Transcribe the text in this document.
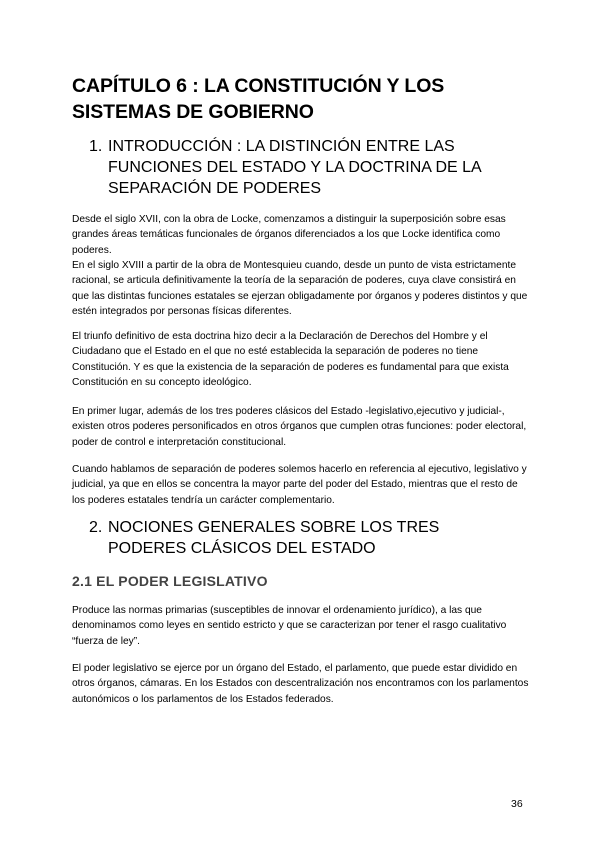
CAPÍTULO 6 : LA CONSTITUCIÓN Y LOS SISTEMAS DE GOBIERNO
1. INTRODUCCIÓN : LA DISTINCIÓN ENTRE LAS FUNCIONES DEL ESTADO Y LA DOCTRINA DE LA SEPARACIÓN DE PODERES

Desde el siglo XVII, con la obra de Locke, comenzamos a distinguir la superposición sobre esas grandes áreas temáticas funcionales de órganos diferenciados a los que Locke identifica como poderes.

En el siglo XVIII a partir de la obra de Montesquieu cuando, desde un punto de vista estrictamente racional, se articula definitivamente la teoría de la separación de poderes, cuya clave consistirá en que las distintas funciones estatales se ejerzan obligadamente por órganos y poderes distintos y que estén integrados por personas físicas diferentes.

El triunfo definitivo de esta doctrina hizo decir a la Declaración de Derechos del Hombre y el Ciudadano que el Estado en el que no esté establecida la separación de poderes no tiene Constitución. Y es que la existencia de la separación de poderes es fundamental para que exista Constitución en su concepto ideológico.

En primer lugar, además de los tres poderes clásicos del Estado -legislativo,ejecutivo y judicial-, existen otros poderes personificados en otros órganos que cumplen otras funciones: poder electoral, poder de control e interpretación constitucional.

Cuando hablamos de separación de poderes solemos hacerlo en referencia al ejecutivo, legislativo y judicial, ya que en ellos se concentra la mayor parte del poder del Estado, mientras que el resto de los poderes estatales tendría un carácter complementario.

2. NOCIONES GENERALES SOBRE LOS TRES PODERES CLÁSICOS DEL ESTADO
2.1 EL PODER LEGISLATIVO

Produce las normas primarias (susceptibles de innovar el ordenamiento jurídico), a las que denominamos como leyes en sentido estricto y que se caracterizan por tener el rasgo cualitativo “fuerza de ley”.

El poder legislativo se ejerce por un órgano del Estado, el parlamento, que puede estar dividido en otros órganos, cámaras. En los Estados con descentralización nos encontramos con los parlamentos autonómicos o los parlamentos de los Estados federados.

36
